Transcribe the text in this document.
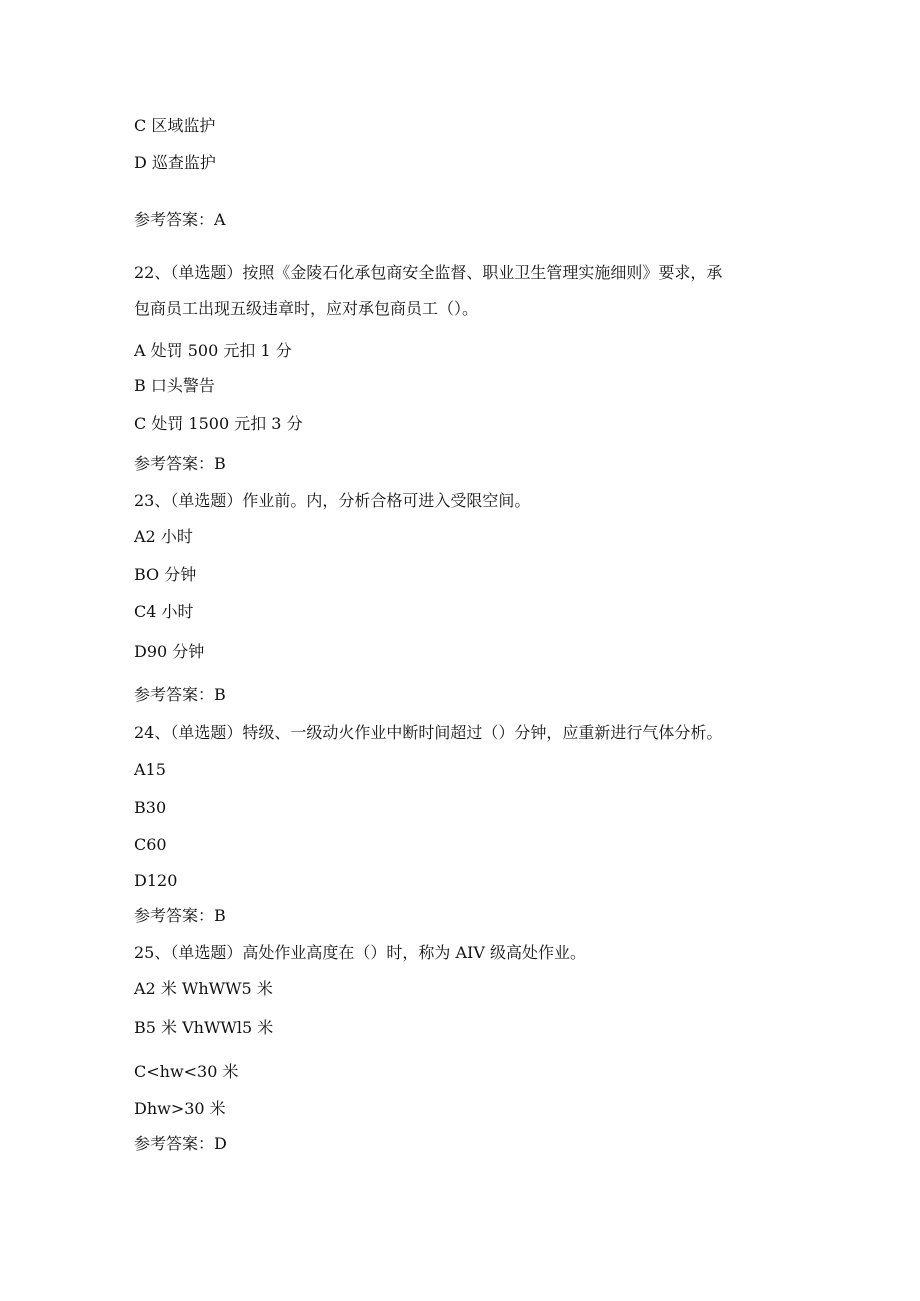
C 区域监护

D 巡查监护

参考答案：A

22、（单选题）按照《金陵石化承包商安全监督、职业卫生管理实施细则》要求，承

包商员工出现五级违章时，应对承包商员工（）。

A 处罚 500 元扣 1 分

B 口头警告

C 处罚 1500 元扣 3 分

参考答案：B

23、（单选题）作业前。内，分析合格可进入受限空间。

A2 小时

BO 分钟

C4 小时

D90 分钟

参考答案：B

24、（单选题）特级、一级动火作业中断时间超过（）分钟，应重新进行气体分析。

A15

B30

C60

D120

参考答案：B

25、（单选题）高处作业高度在（）时，称为 AIV 级高处作业。

A2 米 WhWW5 米

B5 米 VhWWl5 米

C<hw<30 米

Dhw>30 米

参考答案：D
